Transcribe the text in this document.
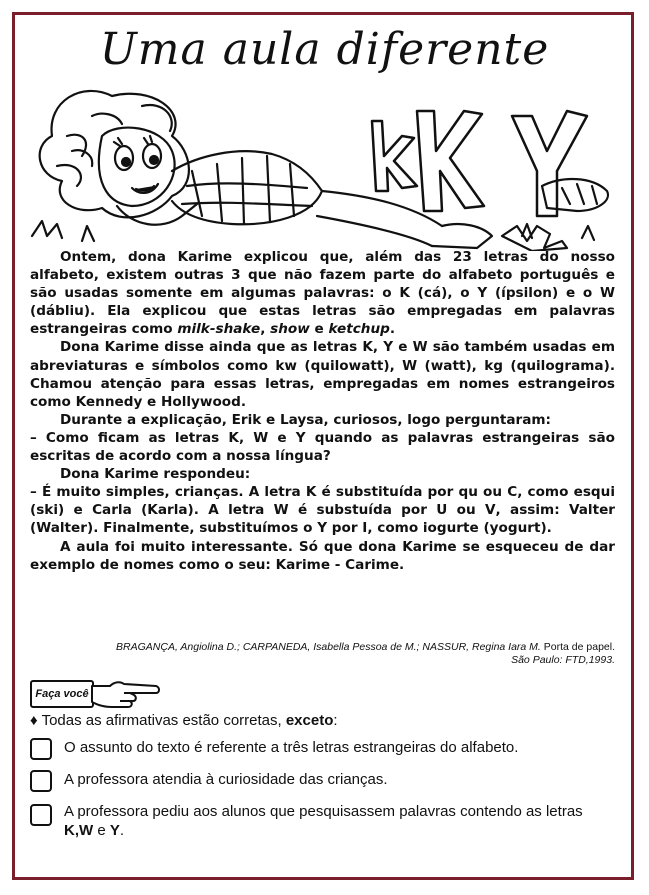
Uma aula diferente

Ontem, dona Karime explicou que, além das 23 letras do nosso alfabeto, existem outras 3 que não fazem parte do alfabeto português e são usadas somente em algumas palavras: o K (cá), o Y (ípsilon) e o W (dábliu). Ela explicou que estas letras são empregadas em palavras estrangeiras como milk-shake, show e ketchup.

Dona Karime disse ainda que as letras K, Y e W são também usadas em abreviaturas e símbolos como kw (quilowatt), W (watt), kg (quilograma). Chamou atenção para essas letras, empregadas em nomes estrangeiros como Kennedy e Hollywood.

Durante a explicação, Erik e Laysa, curiosos, logo perguntaram:

– Como ficam as letras K, W e Y quando as palavras estrangeiras são escritas de acordo com a nossa língua?

Dona Karime respondeu:

– É muito simples, crianças. A letra K é substituída por qu ou C, como esqui (ski) e Carla (Karla). A letra W é substuída por U ou V, assim: Valter (Walter). Finalmente, substituímos o Y por I, como iogurte (yogurt).

A aula foi muito interessante. Só que dona Karime se esqueceu de dar exemplo de nomes como o seu: Karime - Carime.

BRAGANÇA, Angiolina D.; CARPANEDA, Isabella Pessoa de M.; NASSUR, Regina Iara M. Porta de papel.
São Paulo: FTD,1993.
Faça você
♦ Todas as afirmativas estão corretas, exceto:
O assunto do texto é referente a três letras estrangeiras do alfabeto.
A professora atendia à curiosidade das crianças.
A professora pediu aos alunos que pesquisassem palavras contendo as letras K,W e Y.
